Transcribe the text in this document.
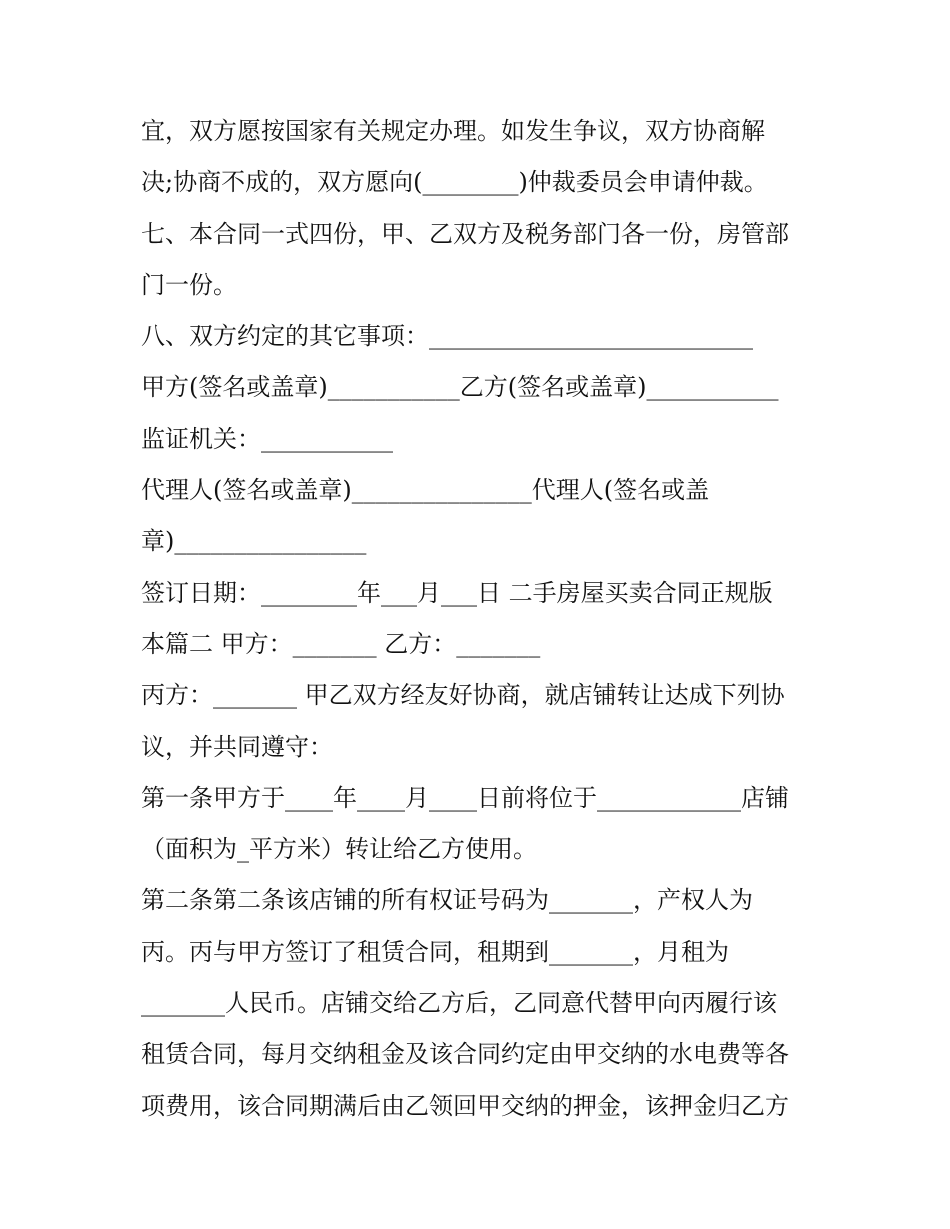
宜，双方愿按国家有关规定办理。如发生争议，双方协商解
决;协商不成的，双方愿向(________)仲裁委员会申请仲裁。
七、本合同一式四份，甲、乙双方及税务部门各一份，房管部
门一份。
八、双方约定的其它事项：___________________________
甲方(签名或盖章)___________乙方(签名或盖章)___________
监证机关：___________
代理人(签名或盖章)_______________代理人(签名或盖
章)________________
签订日期：________年___月___日 二手房屋买卖合同正规版
本篇二 甲方：_______ 乙方：_______
丙方：_______ 甲乙双方经友好协商，就店铺转让达成下列协
议，并共同遵守：
第一条甲方于____年____月____日前将位于____________店铺
（面积为_平方米）转让给乙方使用。
第二条第二条该店铺的所有权证号码为_______，产权人为
丙。丙与甲方签订了租赁合同，租期到_______，月租为
_______人民币。店铺交给乙方后，乙同意代替甲向丙履行该
租赁合同，每月交纳租金及该合同约定由甲交纳的水电费等各
项费用，该合同期满后由乙领回甲交纳的押金，该押金归乙方
